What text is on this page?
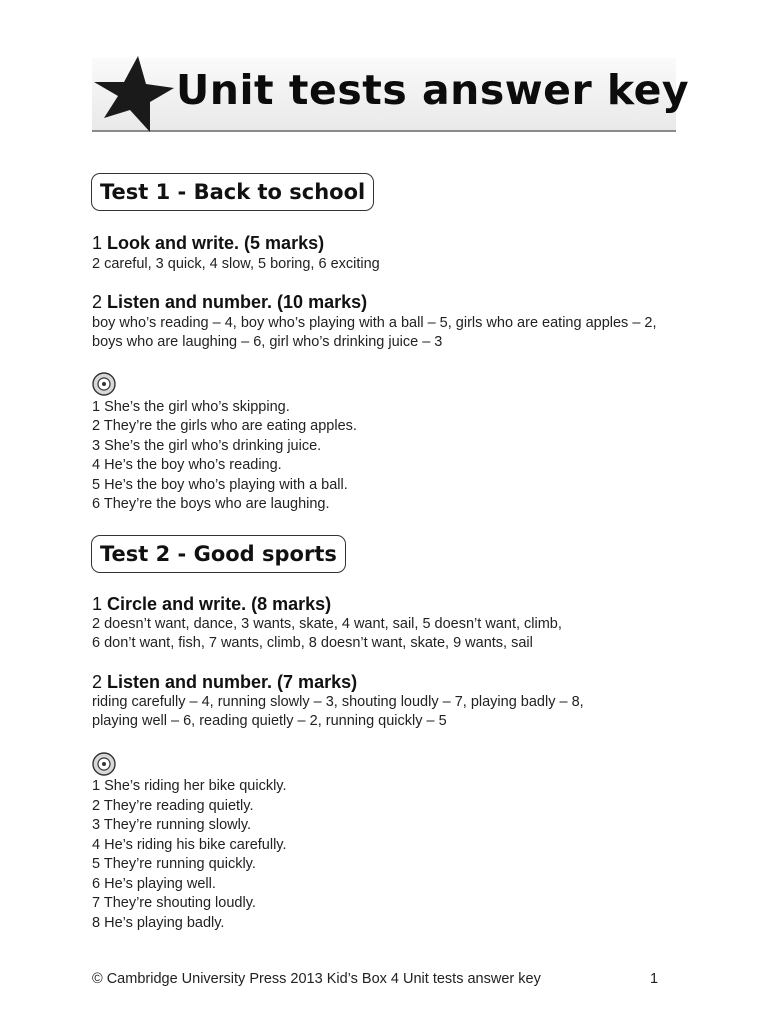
Unit tests answer key
Test 1 - Back to school
1 Look and write. (5 marks)
2 careful, 3 quick, 4 slow, 5 boring, 6 exciting
2 Listen and number. (10 marks)
boy who’s reading – 4, boy who’s playing with a ball – 5, girls who are eating apples – 2,
boys who are laughing – 6, girl who’s drinking juice – 3
1 She’s the girl who’s skipping.
2 They’re the girls who are eating apples.
3 She’s the girl who’s drinking juice.
4 He’s the boy who’s reading.
5 He’s the boy who’s playing with a ball.
6 They’re the boys who are laughing.
Test 2 - Good sports
1 Circle and write. (8 marks)
2 doesn’t want, dance, 3 wants, skate, 4 want, sail, 5 doesn’t want, climb,
6 don’t want, fish, 7 wants, climb, 8 doesn’t want, skate, 9 wants, sail
2 Listen and number. (7 marks)
riding carefully – 4, running slowly – 3, shouting loudly – 7, playing badly – 8,
playing well – 6, reading quietly – 2, running quickly – 5
1 She’s riding her bike quickly.
2 They’re reading quietly.
3 They’re running slowly.
4 He’s riding his bike carefully.
5 They’re running quickly.
6 He’s playing well.
7 They’re shouting loudly.
8 He’s playing badly.
© Cambridge University Press 2013 Kid’s Box 4 Unit tests answer key	1
